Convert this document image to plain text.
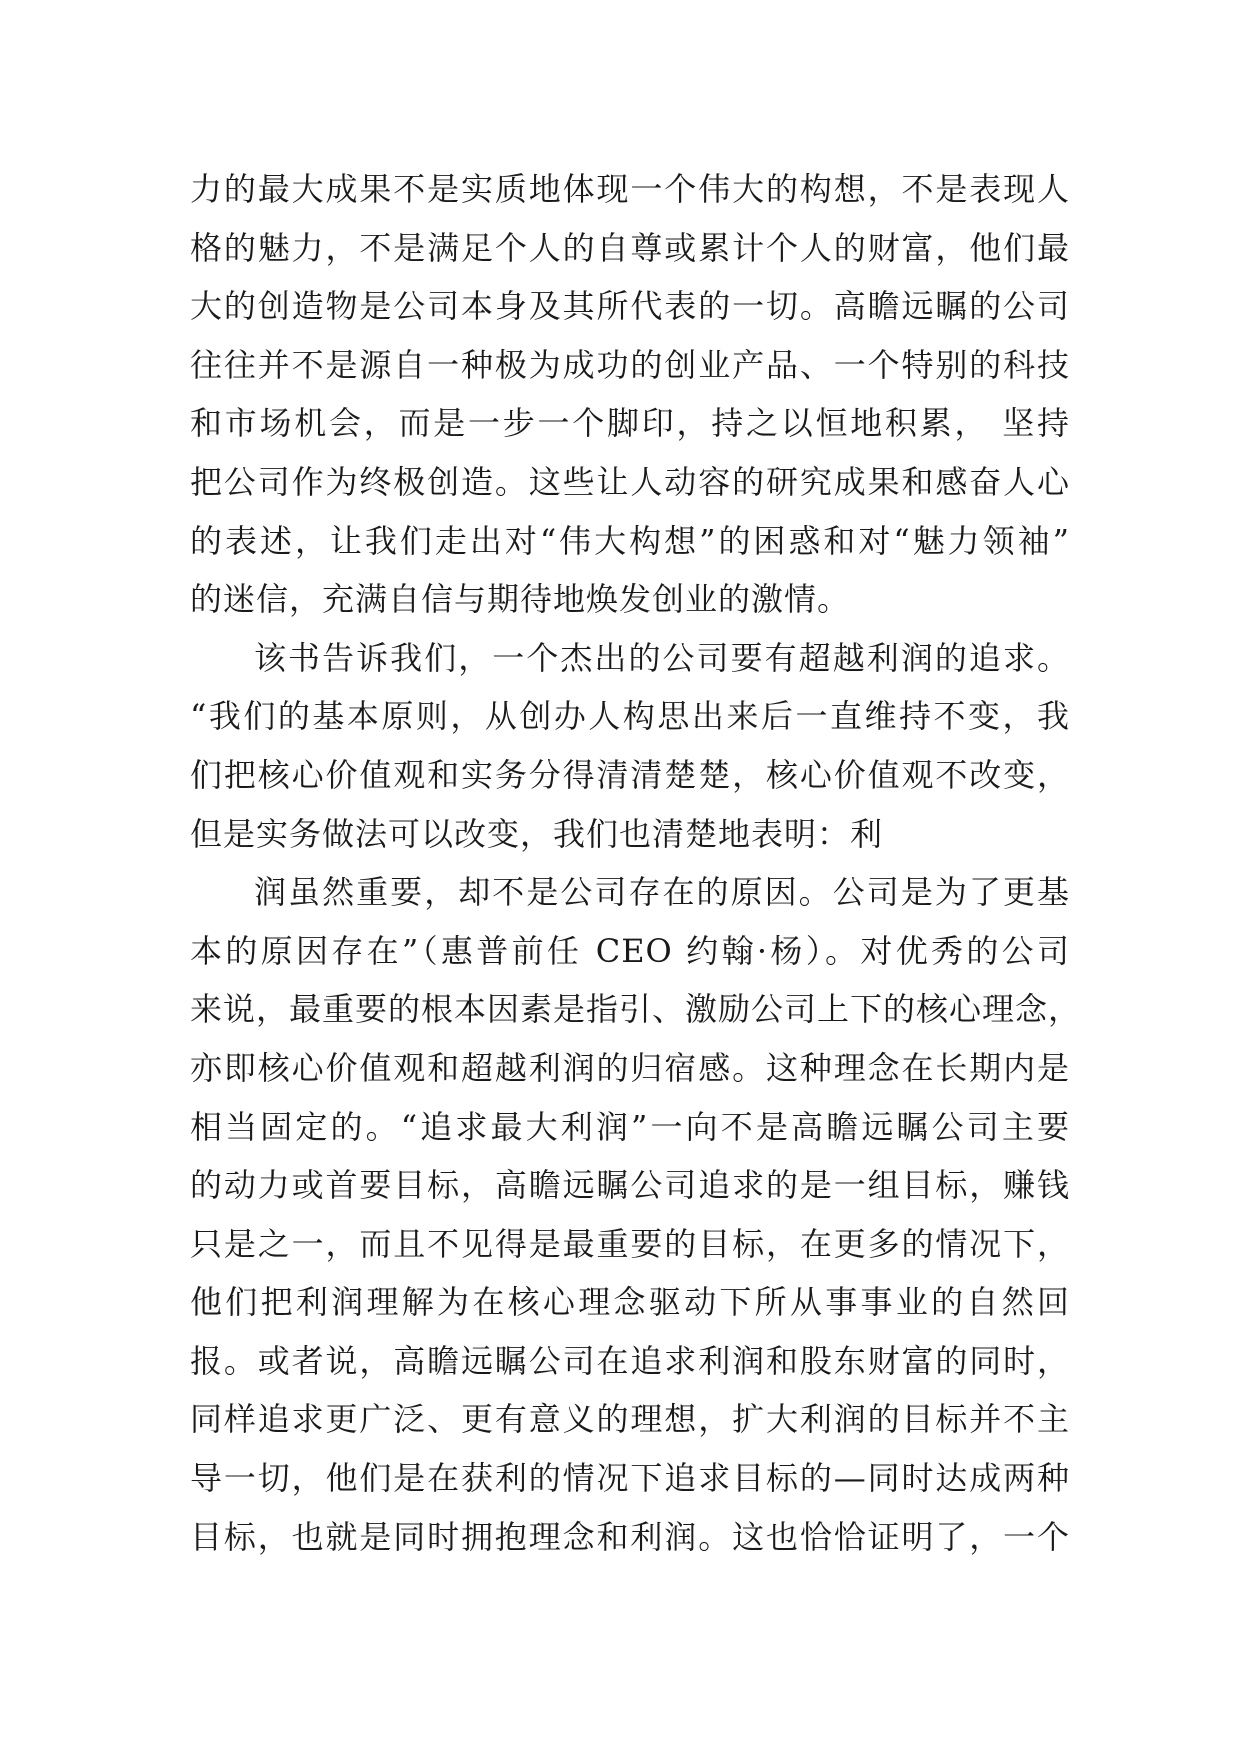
力的最大成果不是实质地体现一个伟大的构想，不是表现人
格的魅力，不是满足个人的自尊或累计个人的财富，他们最
大的创造物是公司本身及其所代表的一切。高瞻远瞩的公司
往往并不是源自一种极为成功的创业产品、一个特别的科技
和市场机会，而是一步一个脚印，持之以恒地积累， 坚持
把公司作为终极创造。这些让人动容的研究成果和感奋人心
的表述，让我们走出对“伟大构想”的困惑和对“魅力领袖”
的迷信，充满自信与期待地焕发创业的激情。
该书告诉我们，一个杰出的公司要有超越利润的追求。
“我们的基本原则，从创办人构思出来后一直维持不变，我
们把核心价值观和实务分得清清楚楚，核心价值观不改变，
但是实务做法可以改变，我们也清楚地表明：利
润虽然重要，却不是公司存在的原因。公司是为了更基
本的原因存在”（惠普前任 CEO 约翰·杨）。对优秀的公司
来说，最重要的根本因素是指引、激励公司上下的核心理念，
亦即核心价值观和超越利润的归宿感。这种理念在长期内是
相当固定的。“追求最大利润”一向不是高瞻远瞩公司主要
的动力或首要目标，高瞻远瞩公司追求的是一组目标，赚钱
只是之一，而且不见得是最重要的目标，在更多的情况下，
他们把利润理解为在核心理念驱动下所从事事业的自然回
报。或者说，高瞻远瞩公司在追求利润和股东财富的同时，
同样追求更广泛、更有意义的理想，扩大利润的目标并不主
导一切，他们是在获利的情况下追求目标的—同时达成两种
目标，也就是同时拥抱理念和利润。这也恰恰证明了，一个
